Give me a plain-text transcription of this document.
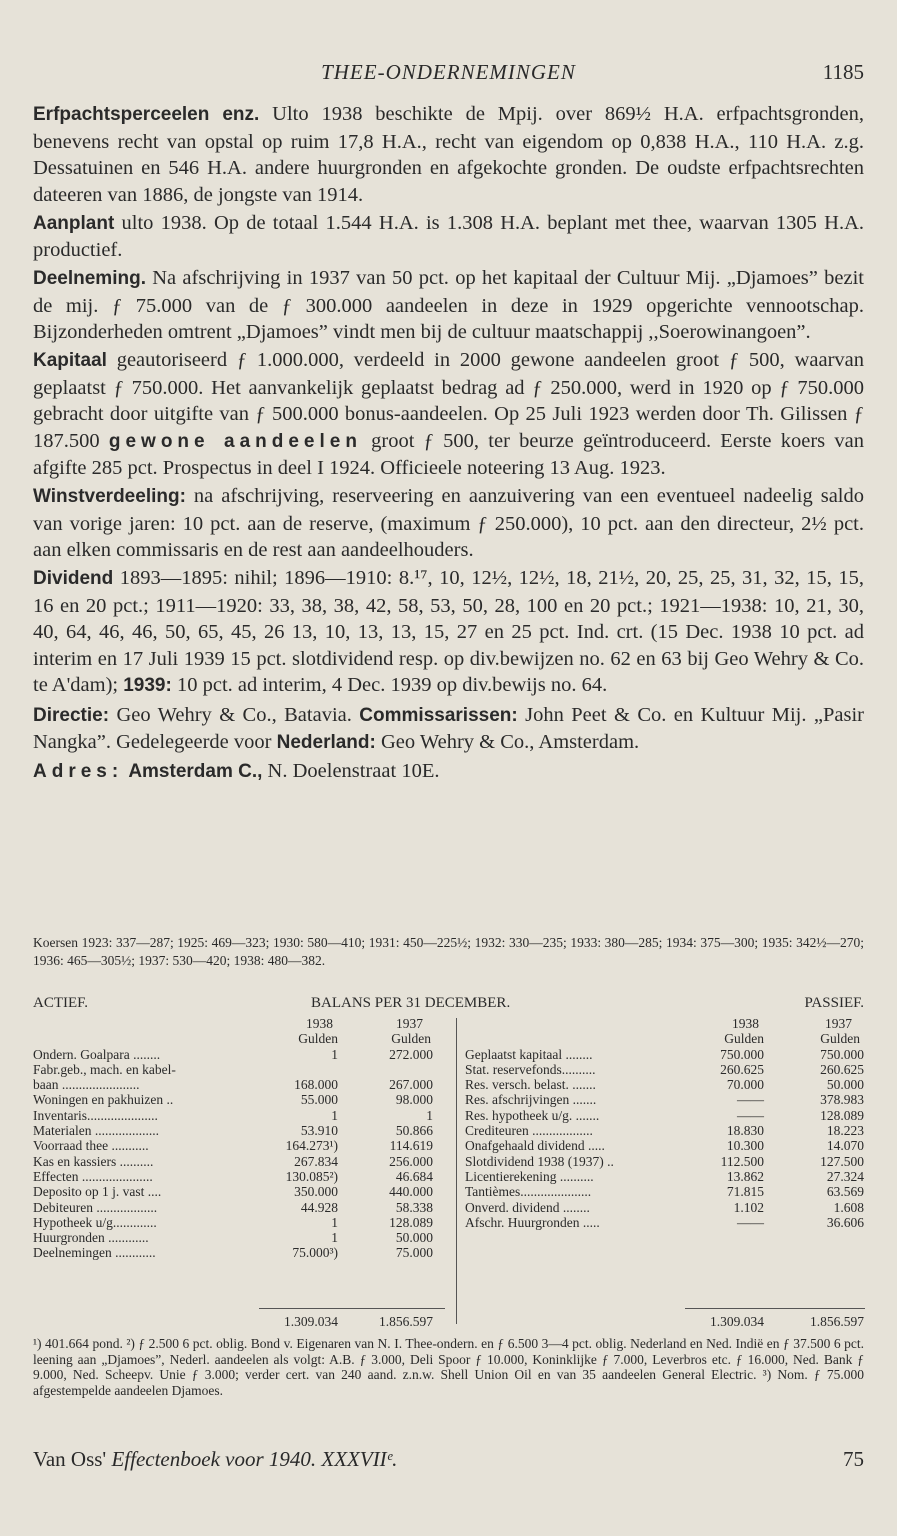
THEE-ONDERNEMINGEN	1185

Erfpachtsperceelen enz. Ulto 1938 beschikte de Mpij. over 869½ H.A. erfpachtsgronden, benevens recht van opstal op ruim 17,8 H.A., recht van eigendom op 0,838 H.A., 110 H.A. z.g. Dessatuinen en 546 H.A. andere huurgronden en afgekochte gronden. De oudste erfpachtsrechten dateeren van 1886, de jongste van 1914.

Aanplant ulto 1938. Op de totaal 1.544 H.A. is 1.308 H.A. beplant met thee, waarvan 1305 H.A. productief.

Deelneming. Na afschrijving in 1937 van 50 pct. op het kapitaal der Cultuur Mij. „Djamoes” bezit de mij. ƒ 75.000 van de ƒ 300.000 aandeelen in deze in 1929 opgerichte vennootschap. Bijzonderheden omtrent „Djamoes” vindt men bij de cultuur maatschappij ,,Soerowinangoen”.

Kapitaal geautoriseerd ƒ 1.000.000, verdeeld in 2000 gewone aandeelen groot ƒ 500, waarvan geplaatst ƒ 750.000. Het aanvankelijk geplaatst bedrag ad ƒ 250.000, werd in 1920 op ƒ 750.000 gebracht door uitgifte van ƒ 500.000 bonus-aandeelen. Op 25 Juli 1923 werden door Th. Gilissen ƒ 187.500 gewone aandeelen groot ƒ 500, ter beurze geïntroduceerd. Eerste koers van afgifte 285 pct. Prospectus in deel I 1924. Officieele noteering 13 Aug. 1923.

Winstverdeeling: na afschrijving, reserveering en aanzuivering van een eventueel nadeelig saldo van vorige jaren: 10 pct. aan de reserve, (maximum ƒ 250.000), 10 pct. aan den directeur, 2½ pct. aan elken commissaris en de rest aan aandeelhouders.

Dividend 1893—1895: nihil; 1896—1910: 8.¹⁷, 10, 12½, 12½, 18, 21½, 20, 25, 25, 31, 32, 15, 15, 16 en 20 pct.; 1911—1920: 33, 38, 38, 42, 58, 53, 50, 28, 100 en 20 pct.; 1921—1938: 10, 21, 30, 40, 64, 46, 46, 50, 65, 45, 26 13, 10, 13, 13, 15, 27 en 25 pct. Ind. crt. (15 Dec. 1938 10 pct. ad interim en 17 Juli 1939 15 pct. slotdividend resp. op div.bewijzen no. 62 en 63 bij Geo Wehry & Co. te A'dam); 1939: 10 pct. ad interim, 4 Dec. 1939 op div.bewijs no. 64.

Directie: Geo Wehry & Co., Batavia. Commissarissen: John Peet & Co. en Kultuur Mij. „Pasir Nangka”. Gedelegeerde voor Nederland: Geo Wehry & Co., Amsterdam.

Adres: Amsterdam C., N. Doelenstraat 10E.

Koersen 1923: 337—287; 1925: 469—323; 1930: 580—410; 1931: 450—225½; 1932: 330—235; 1933: 380—285; 1934: 375—300; 1935: 342½—270; 1936: 465—305½; 1937: 530—420; 1938: 480—382.
ACTIEF.	BALANS PER 31 DECEMBER.	PASSIEF.
1938	1937
Gulden	Gulden
Ondern. Goalpara ........	1	272.000
Fabr.geb., mach. en kabel-
baan .......................	168.000	267.000
Woningen en pakhuizen ..	55.000	98.000
Inventaris.....................	1	1
Materialen ...................	53.910	50.866
Voorraad thee ...........	164.273¹)	114.619
Kas en kassiers ..........	267.834	256.000
Effecten .....................	130.085²)	46.684
Deposito op 1 j. vast ....	350.000	440.000
Debiteuren ..................	44.928	58.338
Hypotheek u/g.............	1	128.089
Huurgronden ............	1	50.000
Deelnemingen ............	75.000³)	75.000
1938	1937
Gulden	Gulden
Geplaatst kapitaal ........	750.000	750.000
Stat. reservefonds..........	260.625	260.625
Res. versch. belast. .......	70.000	50.000
Res. afschrijvingen .......	——	378.983
Res. hypotheek u/g. .......	——	128.089
Crediteuren ..................	18.830	18.223
Onafgehaald dividend .....	10.300	14.070
Slotdividend 1938 (1937) ..	112.500	127.500
Licentierekening ..........	13.862	27.324
Tantièmes.....................	71.815	63.569
Onverd. dividend ........	1.102	1.608
Afschr. Huurgronden .....	——	36.606
1.309.034	1.856.597	1.309.034	1.856.597
¹) 401.664 pond. ²) ƒ 2.500 6 pct. oblig. Bond v. Eigenaren van N. I. Thee-ondern. en ƒ 6.500 3—4 pct. oblig. Nederland en Ned. Indië en ƒ 37.500 6 pct. leening aan „Djamoes”, Nederl. aandeelen als volgt: A.B. ƒ 3.000, Deli Spoor ƒ 10.000, Koninklijke ƒ 7.000, Leverbros etc. ƒ 16.000, Ned. Bank ƒ 9.000, Ned. Scheepv. Unie ƒ 3.000; verder cert. van 240 aand. z.n.w. Shell Union Oil en van 35 aandeelen General Electric. ³) Nom. ƒ 75.000 afgestempelde aandeelen Djamoes.
Van Oss' Effectenboek voor 1940. XXXVIIᵉ.	75
